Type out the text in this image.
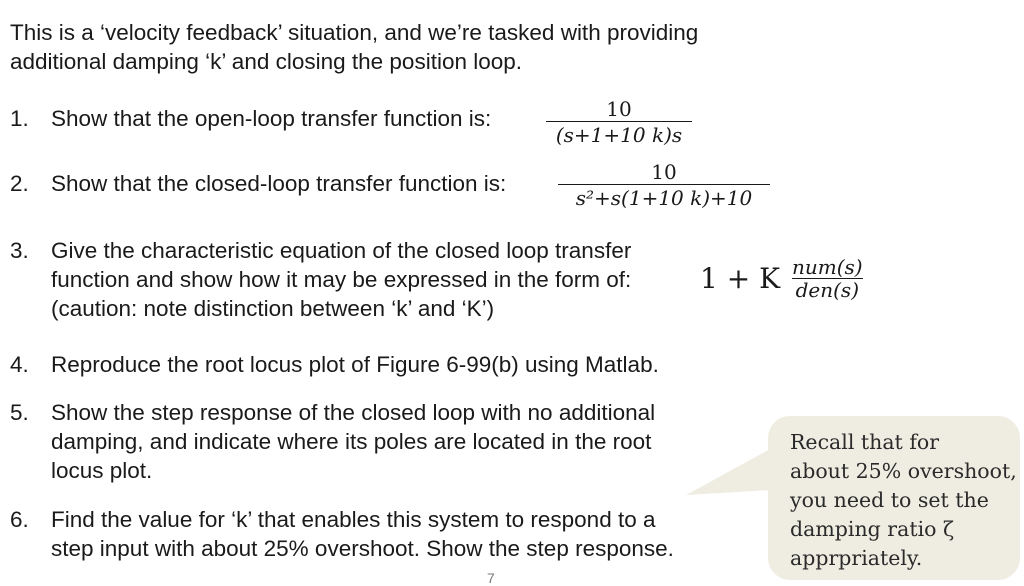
This is a ‘velocity feedback’ situation, and we’re tasked with providing
additional damping ‘k’ and closing the position loop.
1. Show that the open-loop transfer function is:	$\frac{10}{(s+1+10 k)s}$
2. Show that the closed-loop transfer function is:	$\frac{10}{\text{s²+s(1+10 k)+10}}$
3. Give the characteristic equation of the closed loop transfer
function and show how it may be expressed in the form of:
(caution: note distinction between ‘k’ and ‘K’)
1 + K num(s)
den(s)
4. Reproduce the root locus plot of Figure 6-99(b) using Matlab.
5. Show the step response of the closed loop with no additional
damping, and indicate where its poles are located in the root
locus plot.
6. Find the value for ‘k’ that enables this system to respond to a
step input with about 25% overshoot. Show the step response.
Recall that for
about 25% overshoot,
you need to set the
damping ratio ζ
apprpriately.
7
